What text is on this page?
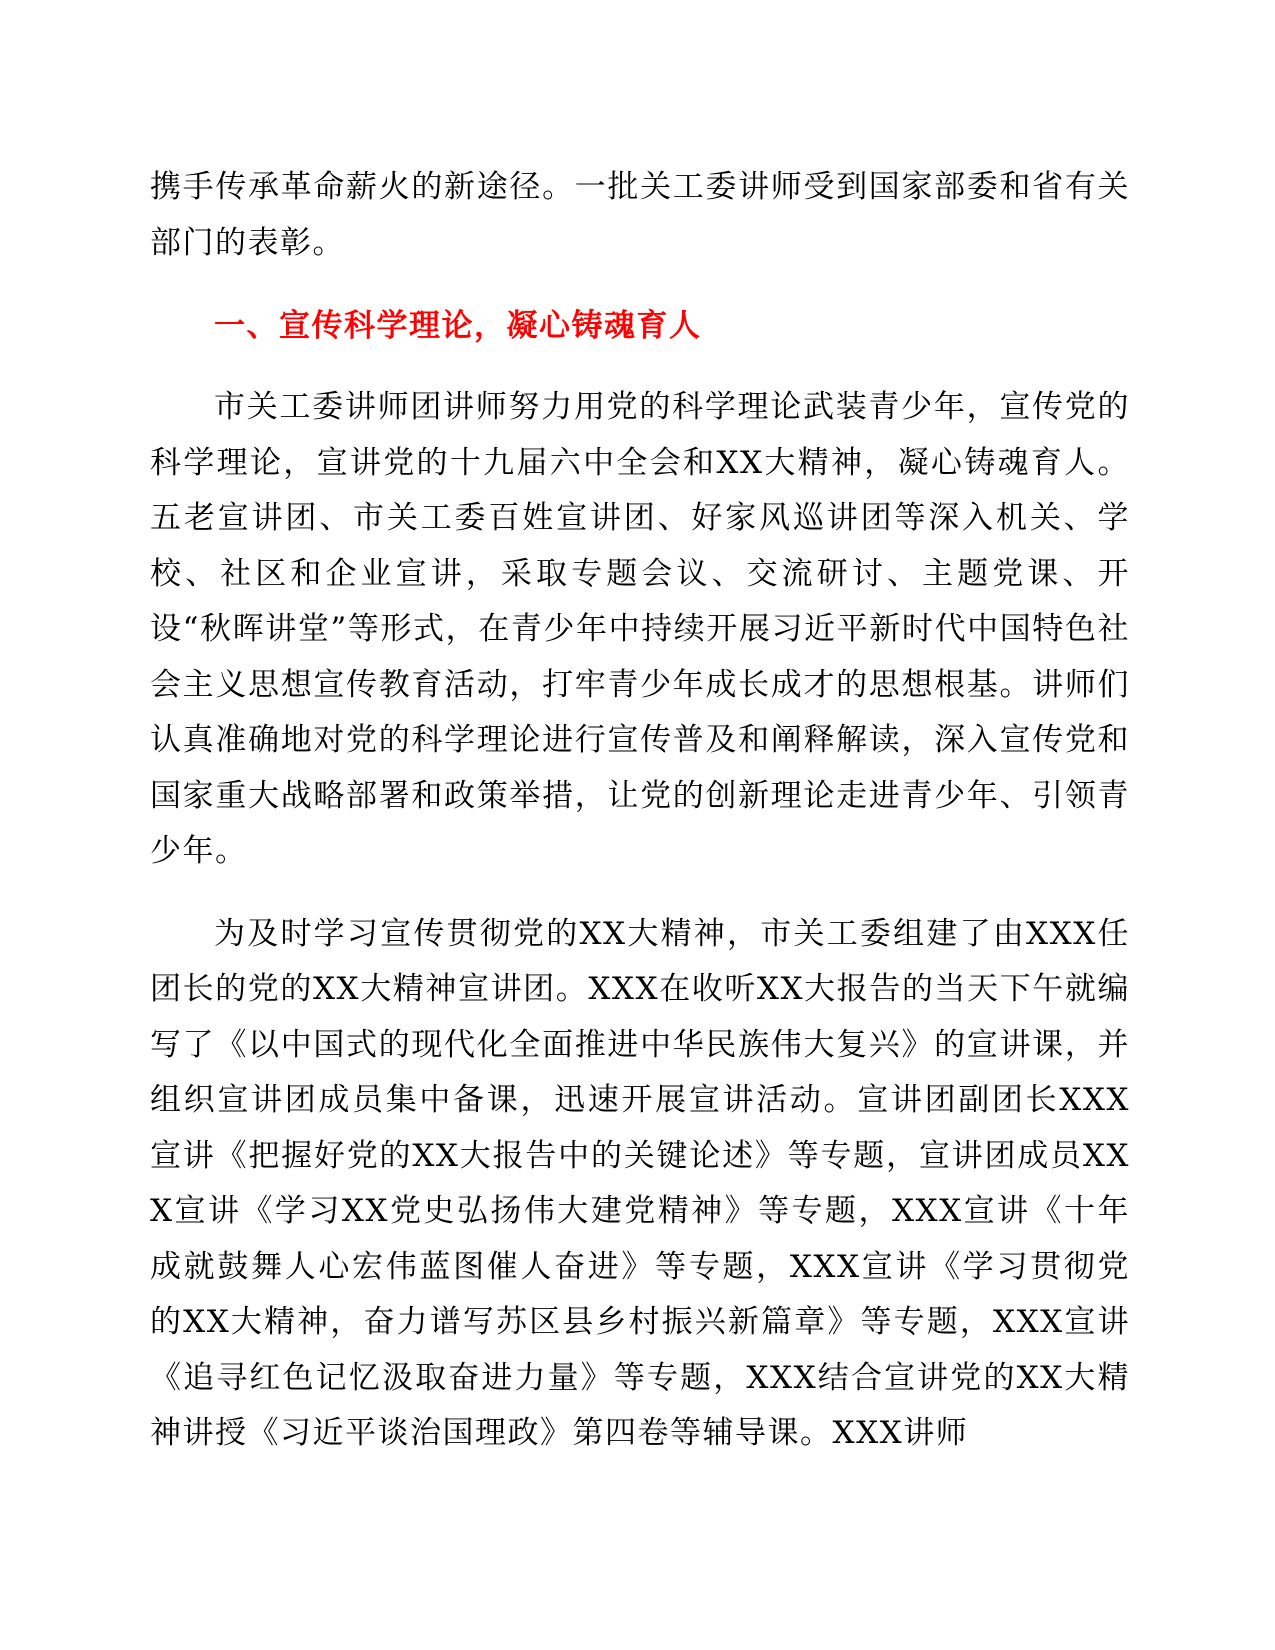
携手传承革命薪火的新途径。一批关工委讲师受到国家部委和省有关部门的表彰。

一、宣传科学理论，凝心铸魂育人

市关工委讲师团讲师努力用党的科学理论武装青少年，宣传党的科学理论，宣讲党的十九届六中全会和XX大精神，凝心铸魂育人。五老宣讲团、市关工委百姓宣讲团、好家风巡讲团等深入机关、学校、社区和企业宣讲，采取专题会议、交流研讨、主题党课、开设“秋晖讲堂”等形式，在青少年中持续开展习近平新时代中国特色社会主义思想宣传教育活动，打牢青少年成长成才的思想根基。讲师们认真准确地对党的科学理论进行宣传普及和阐释解读，深入宣传党和国家重大战略部署和政策举措，让党的创新理论走进青少年、引领青少年。

为及时学习宣传贯彻党的XX大精神，市关工委组建了由XXX任团长的党的XX大精神宣讲团。XXX在收听XX大报告的当天下午就编写了《以中国式的现代化全面推进中华民族伟大复兴》的宣讲课，并组织宣讲团成员集中备课，迅速开展宣讲活动。宣讲团副团长XXX宣讲《把握好党的XX大报告中的关键论述》等专题，宣讲团成员XXX宣讲《学习XX党史弘扬伟大建党精神》等专题，XXX宣讲《十年成就鼓舞人心宏伟蓝图催人奋进》等专题，XXX宣讲《学习贯彻党的XX大精神，奋力谱写苏区县乡村振兴新篇章》等专题，XXX宣讲《追寻红色记忆汲取奋进力量》等专题，XXX结合宣讲党的XX大精神讲授《习近平谈治国理政》第四卷等辅导课。XXX讲师
